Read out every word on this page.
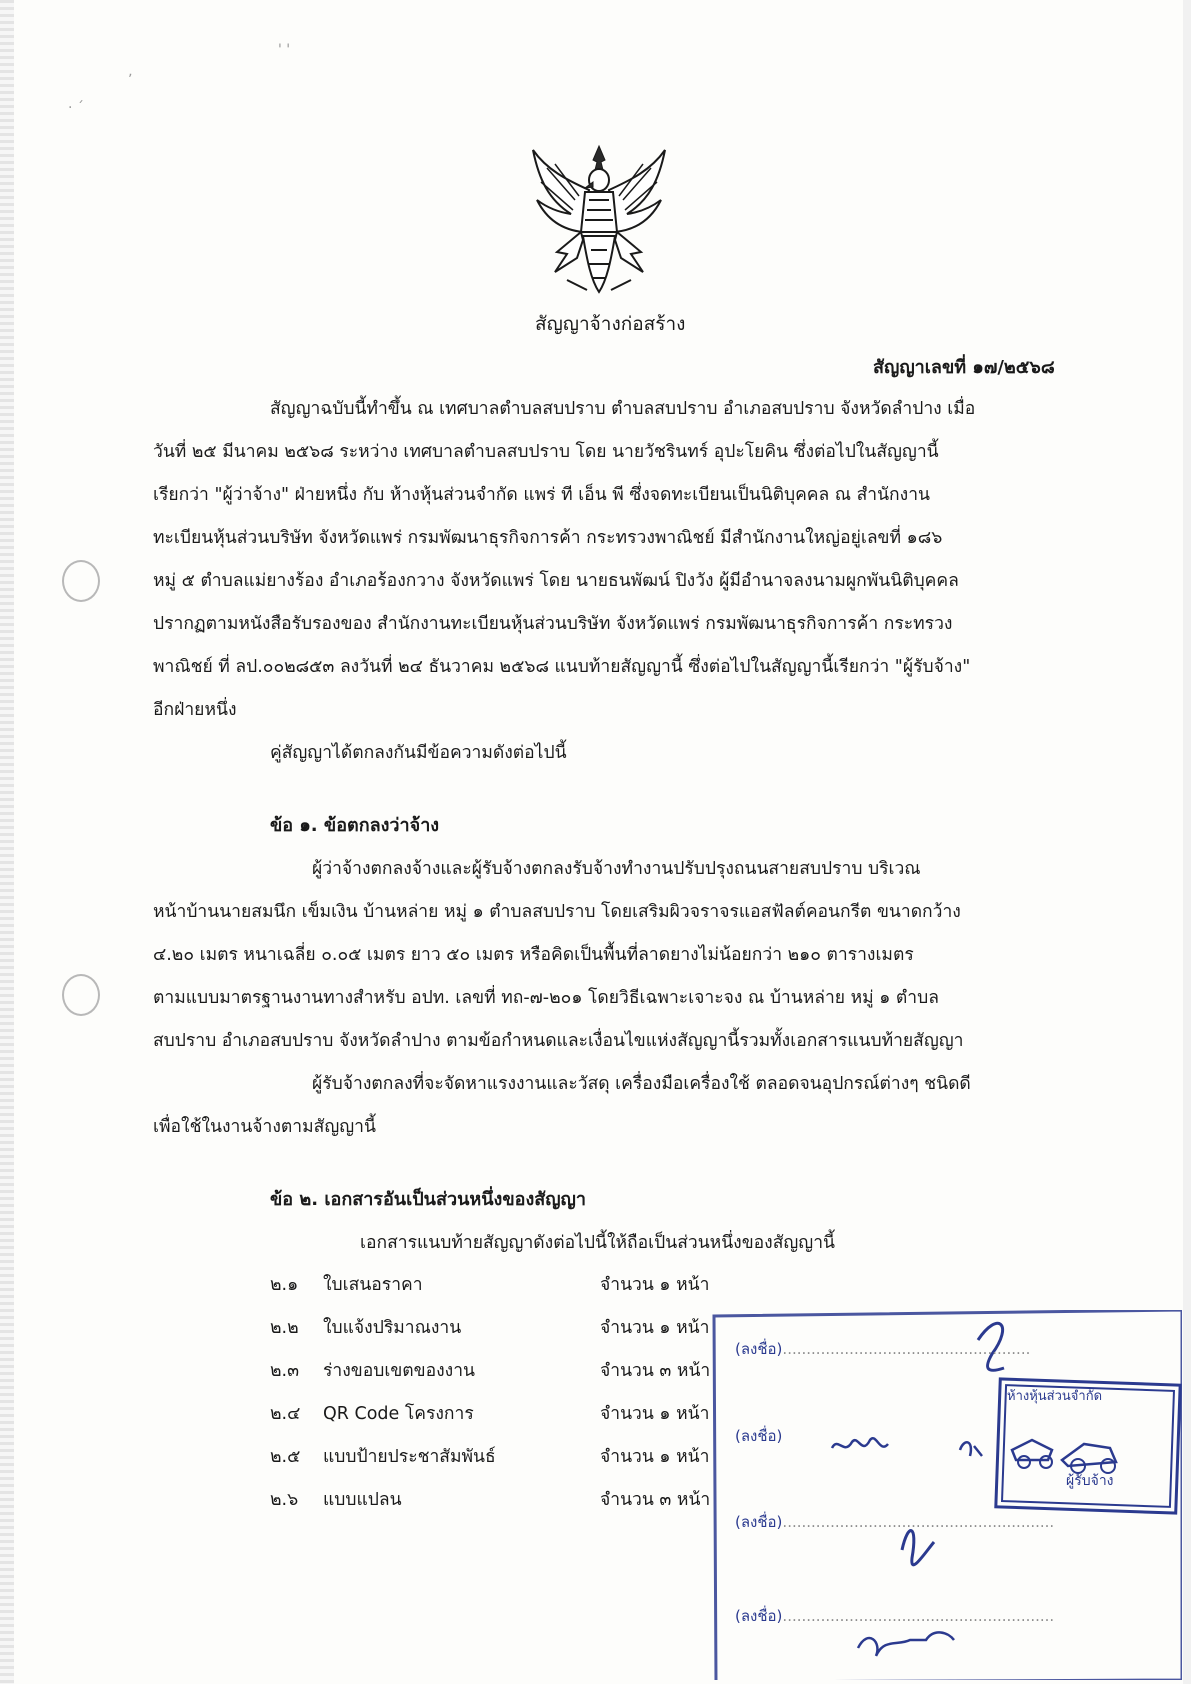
· ˊ
ʼ
' '
สัญญาจ้างก่อสร้าง
สัญญาเลขที่ ๑๗/๒๕๖๘
สัญญาฉบับนี้ทำขึ้น ณ เทศบาลตำบลสบปราบ ตำบลสบปราบ อำเภอสบปราบ จังหวัดลำปาง เมื่อ
วันที่ ๒๕ มีนาคม ๒๕๖๘ ระหว่าง เทศบาลตำบลสบปราบ โดย นายวัชรินทร์ อุปะโยคิน ซึ่งต่อไปในสัญญานี้
เรียกว่า "ผู้ว่าจ้าง" ฝ่ายหนึ่ง กับ ห้างหุ้นส่วนจำกัด แพร่ ที เอ็น พี ซึ่งจดทะเบียนเป็นนิติบุคคล ณ สำนักงาน
ทะเบียนหุ้นส่วนบริษัท จังหวัดแพร่ กรมพัฒนาธุรกิจการค้า กระทรวงพาณิชย์ มีสำนักงานใหญ่อยู่เลขที่ ๑๘๖
หมู่ ๕ ตำบลแม่ยางร้อง อำเภอร้องกวาง จังหวัดแพร่ โดย นายธนพัฒน์ ปิงวัง ผู้มีอำนาจลงนามผูกพันนิติบุคคล
ปรากฏตามหนังสือรับรองของ สำนักงานทะเบียนหุ้นส่วนบริษัท จังหวัดแพร่ กรมพัฒนาธุรกิจการค้า กระทรวง
พาณิชย์ ที่ ลป.๐๐๒๘๕๓ ลงวันที่ ๒๔ ธันวาคม ๒๕๖๘ แนบท้ายสัญญานี้ ซึ่งต่อไปในสัญญานี้เรียกว่า "ผู้รับจ้าง"
อีกฝ่ายหนึ่ง
คู่สัญญาได้ตกลงกันมีข้อความดังต่อไปนี้
ข้อ ๑. ข้อตกลงว่าจ้าง
ผู้ว่าจ้างตกลงจ้างและผู้รับจ้างตกลงรับจ้างทำงานปรับปรุงถนนสายสบปราบ บริเวณ
หน้าบ้านนายสมนึก เข็มเงิน บ้านหล่าย หมู่ ๑ ตำบลสบปราบ โดยเสริมผิวจราจรแอสฟัลต์คอนกรีต ขนาดกว้าง
๔.๒๐ เมตร หนาเฉลี่ย ๐.๐๕ เมตร ยาว ๕๐ เมตร หรือคิดเป็นพื้นที่ลาดยางไม่น้อยกว่า ๒๑๐ ตารางเมตร
ตามแบบมาตรฐานงานทางสำหรับ อปท. เลขที่ ทถ-๗-๒๐๑ โดยวิธีเฉพาะเจาะจง ณ บ้านหล่าย หมู่ ๑ ตำบล
สบปราบ อำเภอสบปราบ จังหวัดลำปาง ตามข้อกำหนดและเงื่อนไขแห่งสัญญานี้รวมทั้งเอกสารแนบท้ายสัญญา
ผู้รับจ้างตกลงที่จะจัดหาแรงงานและวัสดุ เครื่องมือเครื่องใช้ ตลอดจนอุปกรณ์ต่างๆ ชนิดดี
เพื่อใช้ในงานจ้างตามสัญญานี้
ข้อ ๒. เอกสารอันเป็นส่วนหนึ่งของสัญญา
เอกสารแนบท้ายสัญญาดังต่อไปนี้ให้ถือเป็นส่วนหนึ่งของสัญญานี้
๒.๑ ใบเสนอราคา	จำนวน ๑ หน้า
๒.๒ ใบแจ้งปริมาณงาน	จำนวน ๑ หน้า
๒.๓ ร่างขอบเขตของงาน	จำนวน ๓ หน้า
๒.๔ QR Code โครงการ	จำนวน ๑ หน้า
๒.๕ แบบป้ายประชาสัมพันธ์	จำนวน ๑ หน้า
๒.๖ แบบแปลน	จำนวน ๓ หน้า
(ลงชื่อ)....................................................
(ลงชื่อ)
(ลงชื่อ).........................................................
(ลงชื่อ).........................................................
ห้างหุ้นส่วนจำกัด
ผู้รับจ้าง
